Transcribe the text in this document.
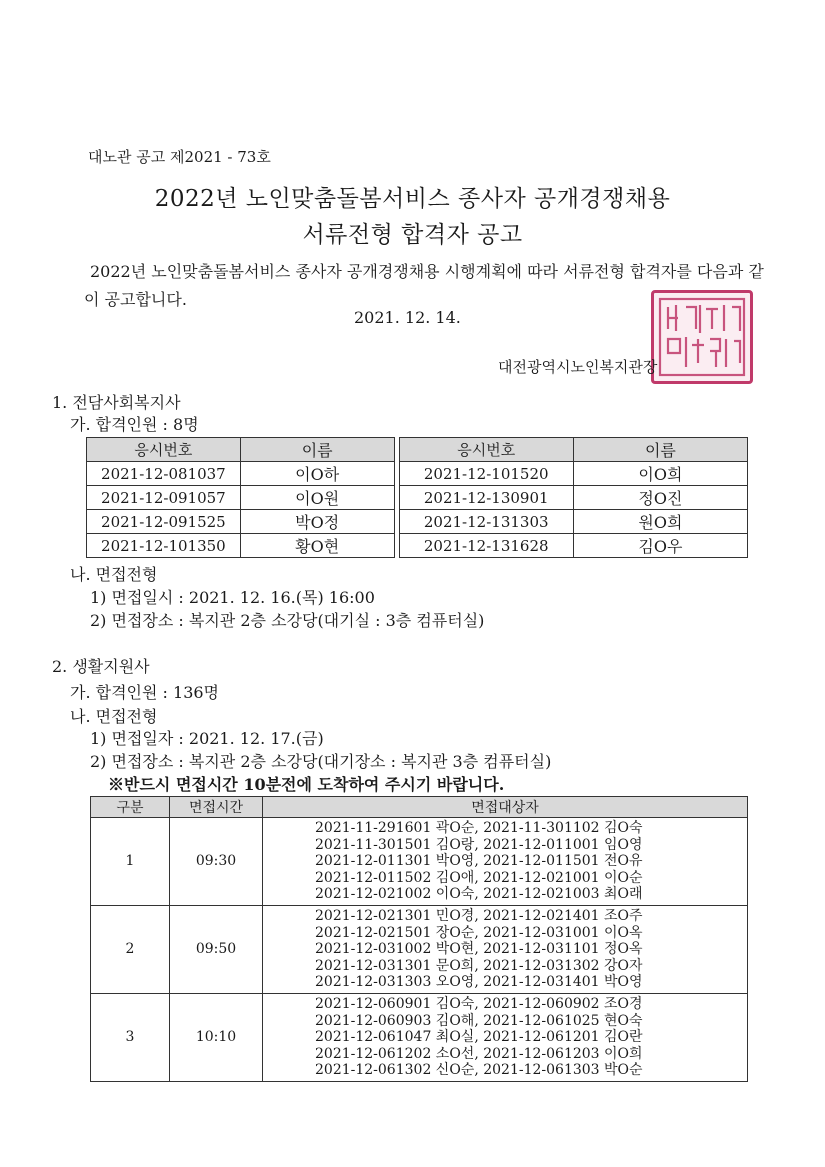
대노관 공고 제2021 - 73호
2022년 노인맞춤돌봄서비스 종사자 공개경쟁채용
서류전형 합격자 공고
2022년 노인맞춤돌봄서비스 종사자 공개경쟁채용 시행계획에 따라 서류전형 합격자를 다음과 같이 공고합니다.
2021. 12. 14.
대전광역시노인복지관장
1. 전담사회복지사
가. 합격인원 : 8명
응시번호	이름		응시번호	이름
2021-12-081037	이O하		2021-12-101520	이O희
2021-12-091057	이O원		2021-12-130901	정O진
2021-12-091525	박O정		2021-12-131303	원O희
2021-12-101350	황O현		2021-12-131628	김O우
나. 면접전형
1) 면접일시 : 2021. 12. 16.(목) 16:00
2) 면접장소 : 복지관 2층 소강당(대기실 : 3층 컴퓨터실)
2. 생활지원사
가. 합격인원 : 136명
나. 면접전형
1) 면접일자 : 2021. 12. 17.(금)
2) 면접장소 : 복지관 2층 소강당(대기장소 : 복지관 3층 컴퓨터실)
※반드시 면접시간 10분전에 도착하여 주시기 바랍니다.
구분	면접시간	면접대상자
1	09:30	2021-11-291601 곽O순, 2021-11-301102 김O숙
2021-11-301501 김O랑, 2021-12-011001 임O영
2021-12-011301 박O영, 2021-12-011501 전O유
2021-12-011502 김O애, 2021-12-021001 이O순
2021-12-021002 이O숙, 2021-12-021003 최O래

2	09:50	2021-12-021301 민O경, 2021-12-021401 조O주
2021-12-021501 장O순, 2021-12-031001 이O옥
2021-12-031002 박O현, 2021-12-031101 정O옥
2021-12-031301 문O희, 2021-12-031302 강O자
2021-12-031303 오O영, 2021-12-031401 박O영

3	10:10	2021-12-060901 김O숙, 2021-12-060902 조O경
2021-12-060903 김O해, 2021-12-061025 현O숙
2021-12-061047 최O실, 2021-12-061201 김O란
2021-12-061202 소O선, 2021-12-061203 이O희
2021-12-061302 신O순, 2021-12-061303 박O순
